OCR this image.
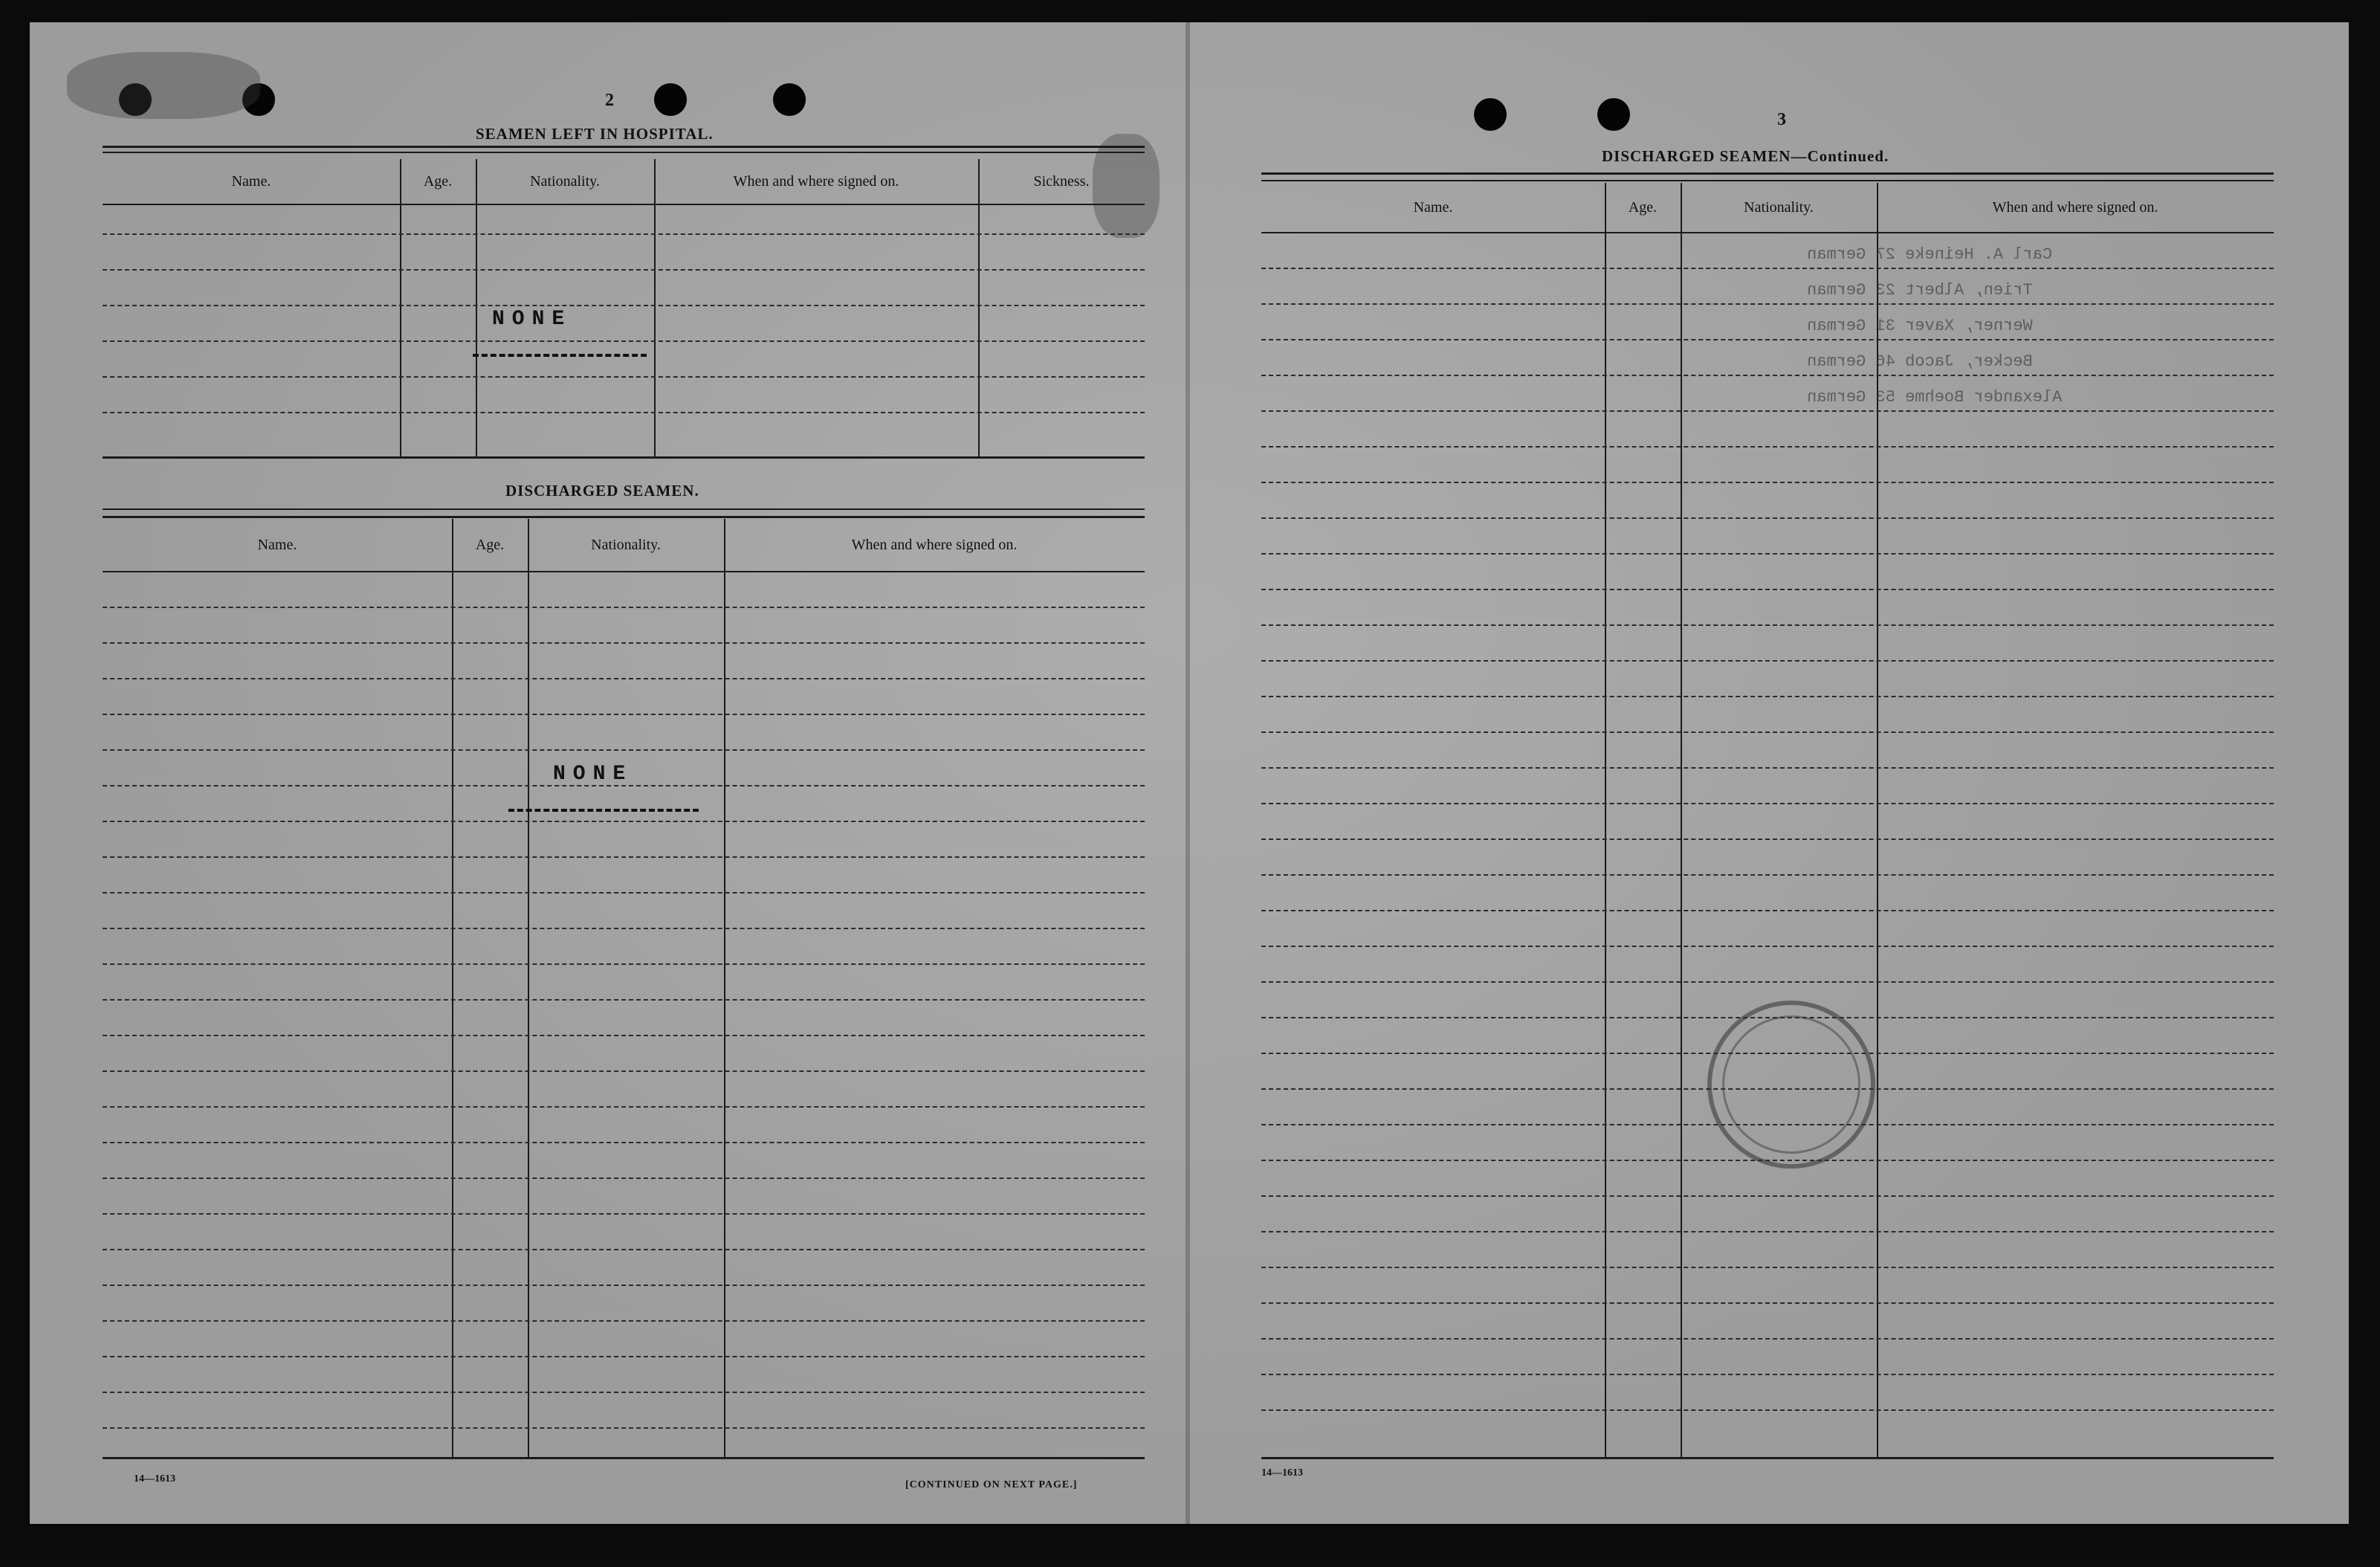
2
SEAMEN LEFT IN HOSPITAL.
Name.	Age.	Nationality.	When and where signed on.	Sickness.
NONE
DISCHARGED SEAMEN.
Name.	Age.	Nationality.	When and where signed on.
NONE
14—1613
[CONTINUED ON NEXT PAGE.]
3
DISCHARGED SEAMEN—Continued.
Name.	Age.	Nationality.	When and where signed on.
Carl A. Heineke 27 German
Trien, Albert 23 German
Werner, Xaver 31 German
Becker, Jacob 46 German
Alexander Boehme 53 German
14—1613
